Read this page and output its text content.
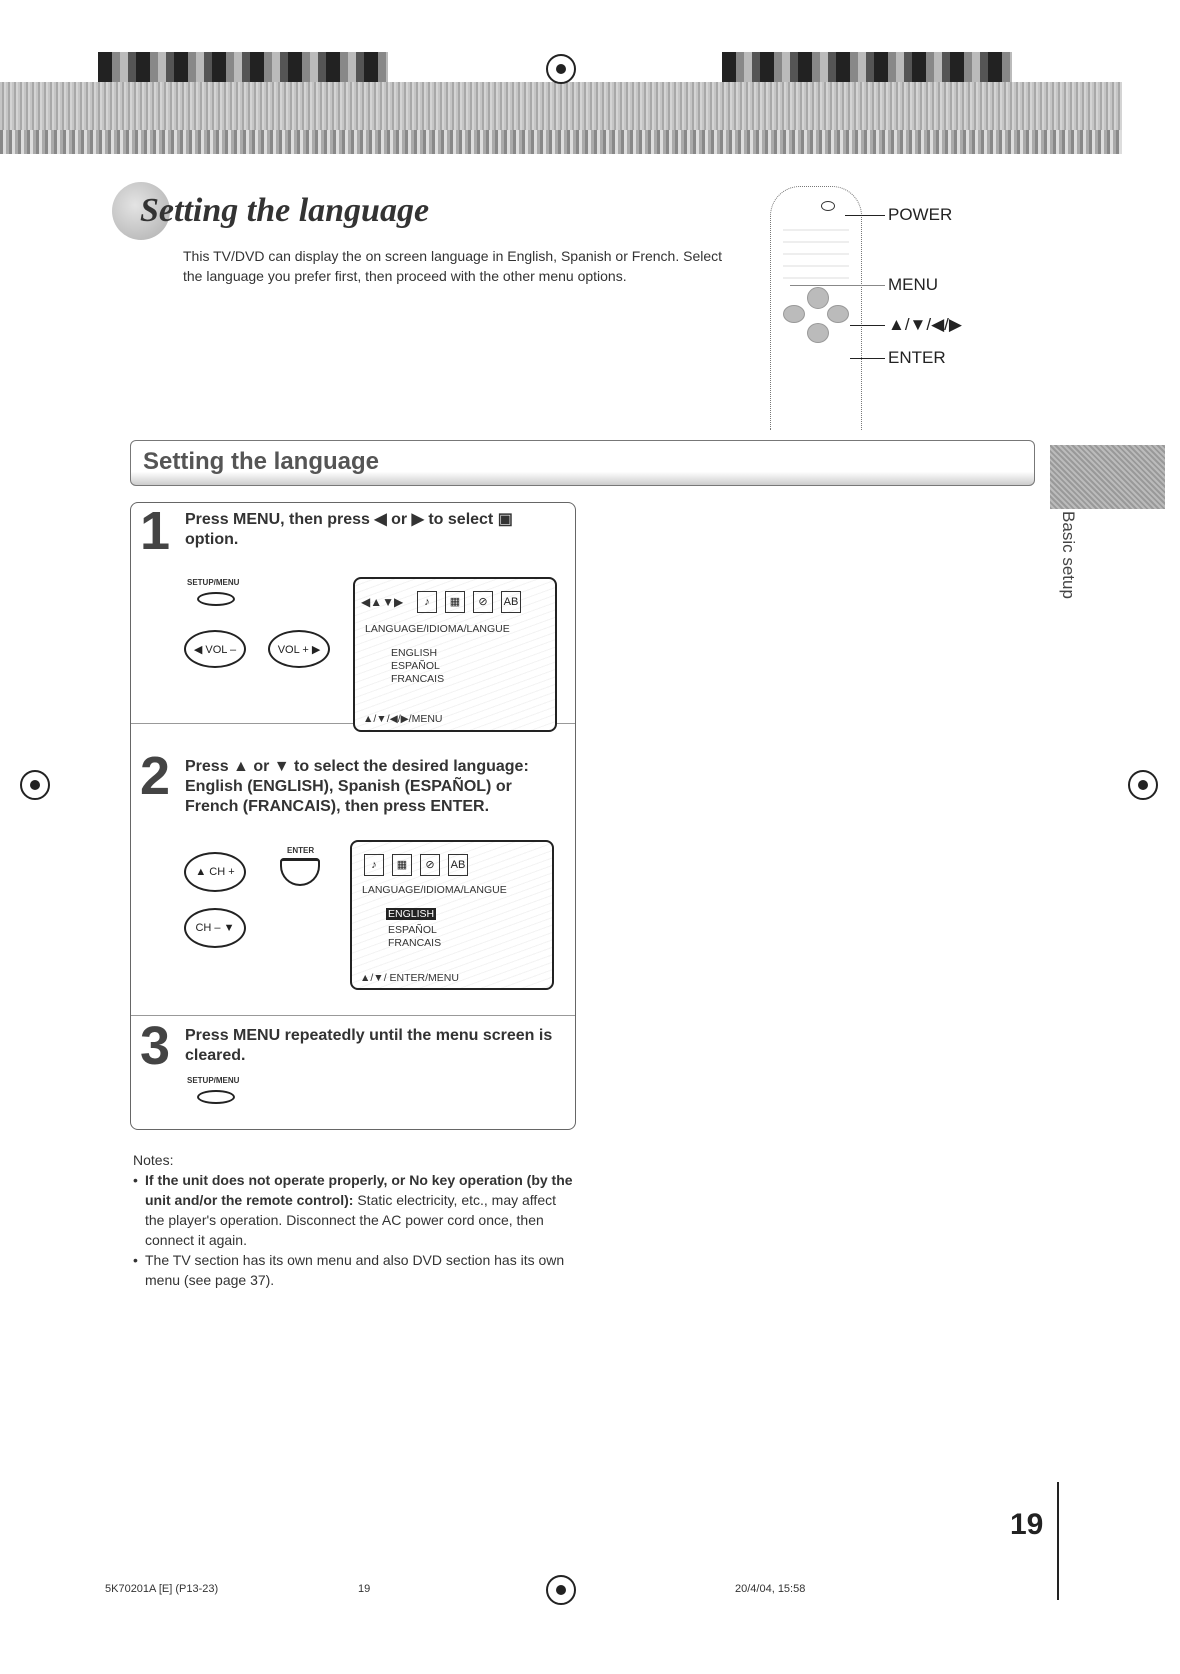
Setting the language
This TV/DVD can display the on screen language in English, Spanish or French. Select the language you prefer first, then proceed with the other menu options.
POWER
MENU
▲/▼/◀/▶
ENTER
Setting the language
Basic setup
1 Press MENU, then press ◀ or ▶ to select ▣ option.
SETUP/MENU
◀ VOL –	VOL + ▶
◀▲▼▶	♪ ▦ ⊘ AB
LANGUAGE/IDIOMA/LANGUE
ENGLISH
ESPAÑOL
FRANCAIS
▲/▼/◀/▶/MENU
2 Press ▲ or ▼ to select the desired language: English (ENGLISH), Spanish (ESPAÑOL) or French (FRANCAIS), then press ENTER.
▲ CH +
CH – ▼
ENTER
♪ ▦ ⊘ AB
LANGUAGE/IDIOMA/LANGUE
ENGLISH
ESPAÑOL
FRANCAIS
▲/▼/ ENTER/MENU
3 Press MENU repeatedly until the menu screen is cleared.
SETUP/MENU
Notes:
• If the unit does not operate properly, or No key operation (by the unit and/or the remote control): Static electricity, etc., may affect the player's operation. Disconnect the AC power cord once, then connect it again.
• The TV section has its own menu and also DVD section has its own menu (see page 37).
19
5K70201A [E] (P13-23)	19	20/4/04, 15:58
